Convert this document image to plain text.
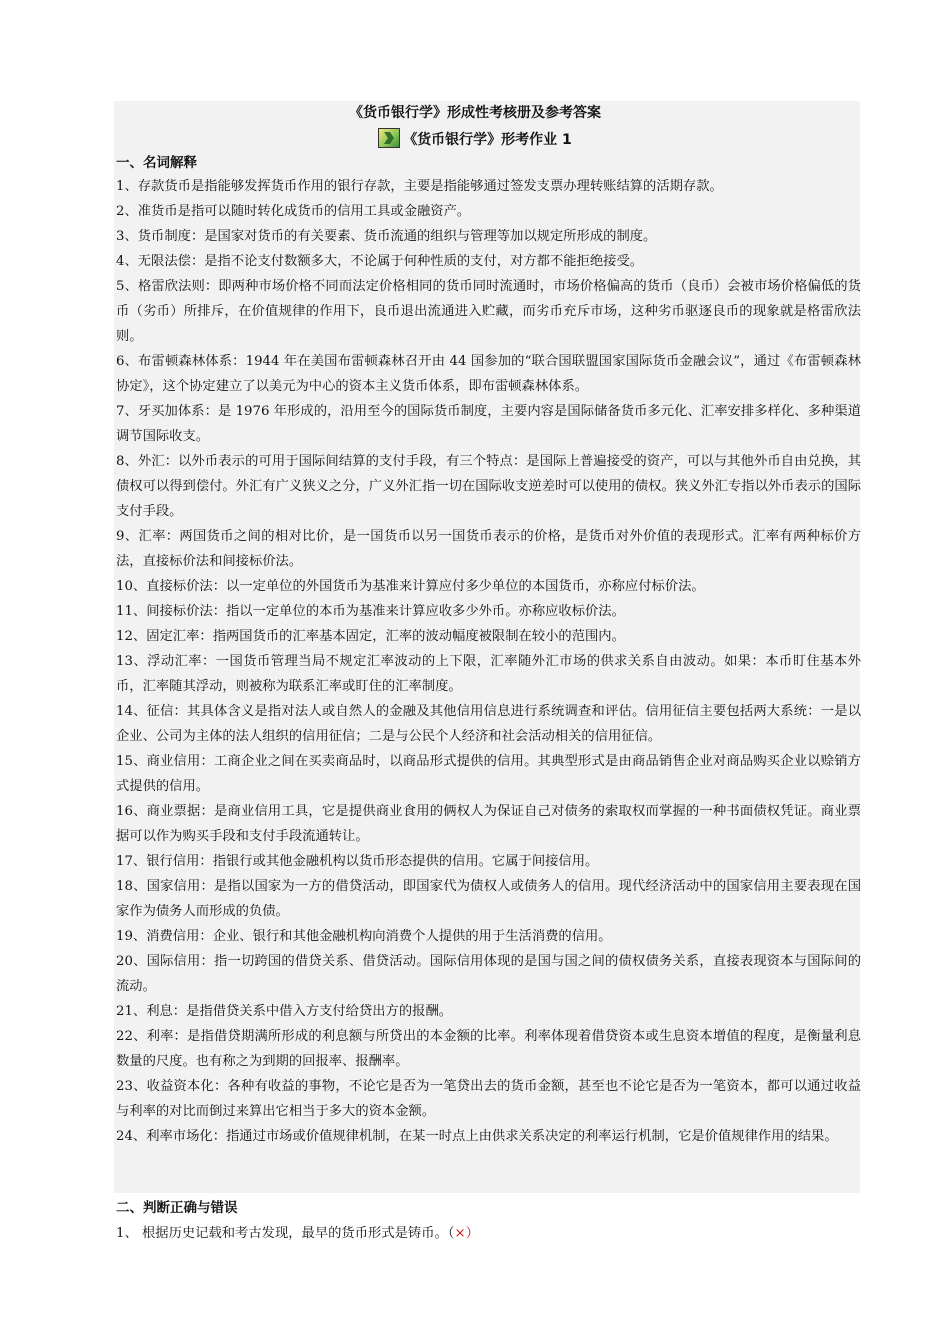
《货币银行学》形成性考核册及参考答案
《货币银行学》形考作业 1
一、名词解释

1、存款货币是指能够发挥货币作用的银行存款，主要是指能够通过签发支票办理转账结算的活期存款。

2、准货币是指可以随时转化成货币的信用工具或金融资产。

3、货币制度：是国家对货币的有关要素、货币流通的组织与管理等加以规定所形成的制度。

4、无限法偿：是指不论支付数额多大，不论属于何种性质的支付，对方都不能拒绝接受。

5、格雷欣法则：即两种市场价格不同而法定价格相同的货币同时流通时，市场价格偏高的货币（良币）会被市场价格偏低的货币（劣币）所排斥，在价值规律的作用下，良币退出流通进入贮藏，而劣币充斥市场，这种劣币驱逐良币的现象就是格雷欣法则。

6、布雷顿森林体系：1944 年在美国布雷顿森林召开由 44 国参加的“联合国联盟国家国际货币金融会议”，通过《布雷顿森林协定》，这个协定建立了以美元为中心的资本主义货币体系，即布雷顿森林体系。

7、牙买加体系：是 1976 年形成的，沿用至今的国际货币制度，主要内容是国际储备货币多元化、汇率安排多样化、多种渠道调节国际收支。

8、外汇：以外币表示的可用于国际间结算的支付手段，有三个特点：是国际上普遍接受的资产，可以与其他外币自由兑换，其债权可以得到偿付。外汇有广义狭义之分，广义外汇指一切在国际收支逆差时可以使用的债权。狭义外汇专指以外币表示的国际支付手段。

9、汇率：两国货币之间的相对比价，是一国货币以另一国货币表示的价格，是货币对外价值的表现形式。汇率有两种标价方法，直接标价法和间接标价法。

10、直接标价法：以一定单位的外国货币为基准来计算应付多少单位的本国货币，亦称应付标价法。

11、间接标价法：指以一定单位的本币为基准来计算应收多少外币。亦称应收标价法。

12、固定汇率：指两国货币的汇率基本固定，汇率的波动幅度被限制在较小的范围内。

13、浮动汇率：一国货币管理当局不规定汇率波动的上下限，汇率随外汇市场的供求关系自由波动。如果：本币盯住基本外币，汇率随其浮动，则被称为联系汇率或盯住的汇率制度。

14、征信：其具体含义是指对法人或自然人的金融及其他信用信息进行系统调查和评估。信用征信主要包括两大系统：一是以企业、公司为主体的法人组织的信用征信；二是与公民个人经济和社会活动相关的信用征信。

15、商业信用：工商企业之间在买卖商品时，以商品形式提供的信用。其典型形式是由商品销售企业对商品购买企业以赊销方式提供的信用。

16、商业票据：是商业信用工具，它是提供商业食用的俩权人为保证自己对债务的索取权而掌握的一种书面债权凭证。商业票据可以作为购买手段和支付手段流通转让。

17、银行信用：指银行或其他金融机构以货币形态提供的信用。它属于间接信用。

18、国家信用：是指以国家为一方的借贷活动，即国家代为债权人或债务人的信用。现代经济活动中的国家信用主要表现在国家作为债务人而形成的负债。

19、消费信用：企业、银行和其他金融机构向消费个人提供的用于生活消费的信用。

20、国际信用：指一切跨国的借贷关系、借贷活动。国际信用体现的是国与国之间的债权债务关系，直接表现资本与国际间的流动。

21、利息：是指借贷关系中借入方支付给贷出方的报酬。

22、利率：是指借贷期满所形成的利息额与所贷出的本金额的比率。利率体现着借贷资本或生息资本增值的程度，是衡量利息数量的尺度。也有称之为到期的回报率、报酬率。

23、收益资本化：各种有收益的事物，不论它是否为一笔贷出去的货币金额，甚至也不论它是否为一笔资本，都可以通过收益与利率的对比而倒过来算出它相当于多大的资本金额。

24、利率市场化：指通过市场或价值规律机制，在某一时点上由供求关系决定的利率运行机制，它是价值规律作用的结果。

二、判断正确与错误
1、 根据历史记载和考古发现，最早的货币形式是铸币。（×）
